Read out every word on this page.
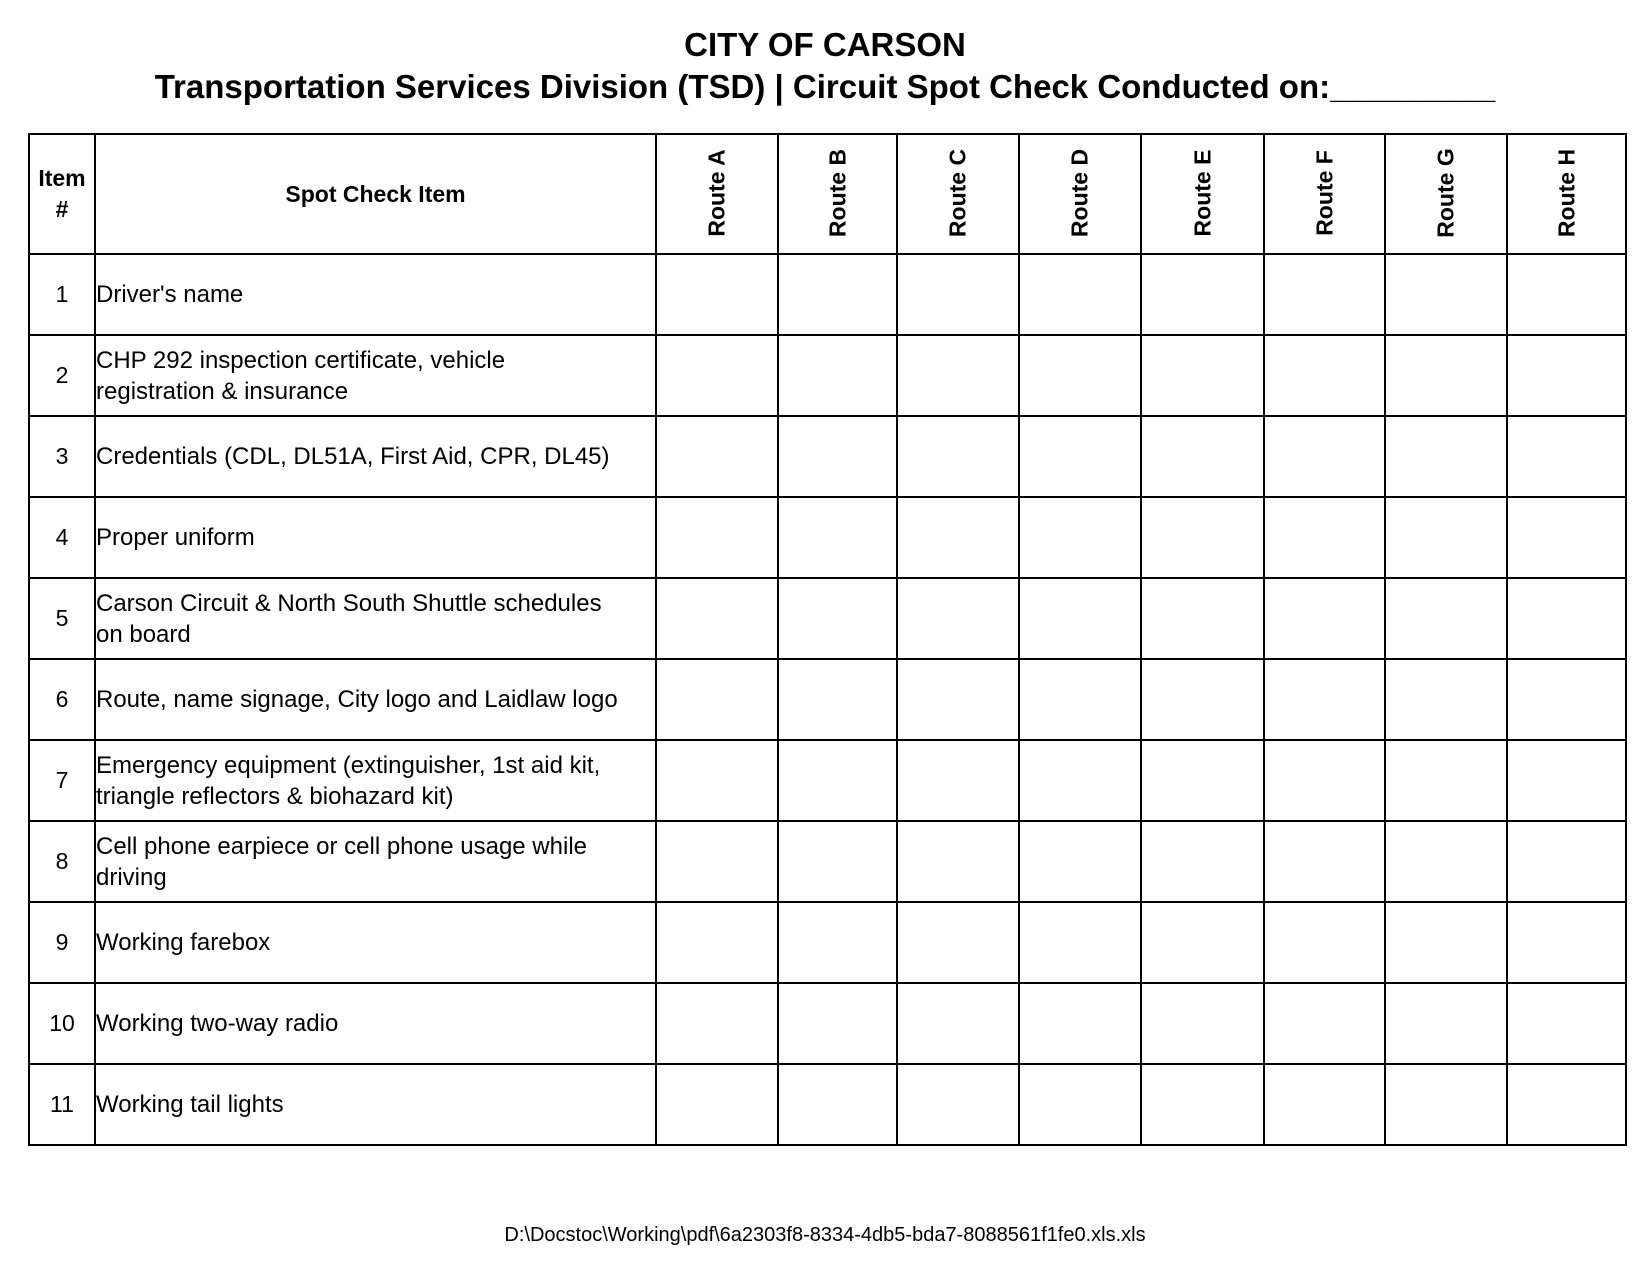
CITY OF CARSON
Transportation Services Division (TSD) | Circuit Spot Check Conducted on:_________
Item
#	Spot Check Item	Route A	Route B	Route C	Route D	Route E	Route F	Route G	Route H

1	Driver's name								

2	CHP 292 inspection certificate, vehicle
registration & insurance								

3	Credentials (CDL, DL51A, First Aid, CPR, DL45)								

4	Proper uniform								

5	Carson Circuit & North South Shuttle schedules
on board								

6	Route, name signage, City logo and Laidlaw logo								

7	Emergency equipment (extinguisher, 1st aid kit,
triangle reflectors & biohazard kit)								

8	Cell phone earpiece or cell phone usage while
driving								

9	Working farebox								

10	Working two-way radio								

11	Working tail lights								

D:\Docstoc\Working\pdf\6a2303f8-8334-4db5-bda7-8088561f1fe0.xls.xls
